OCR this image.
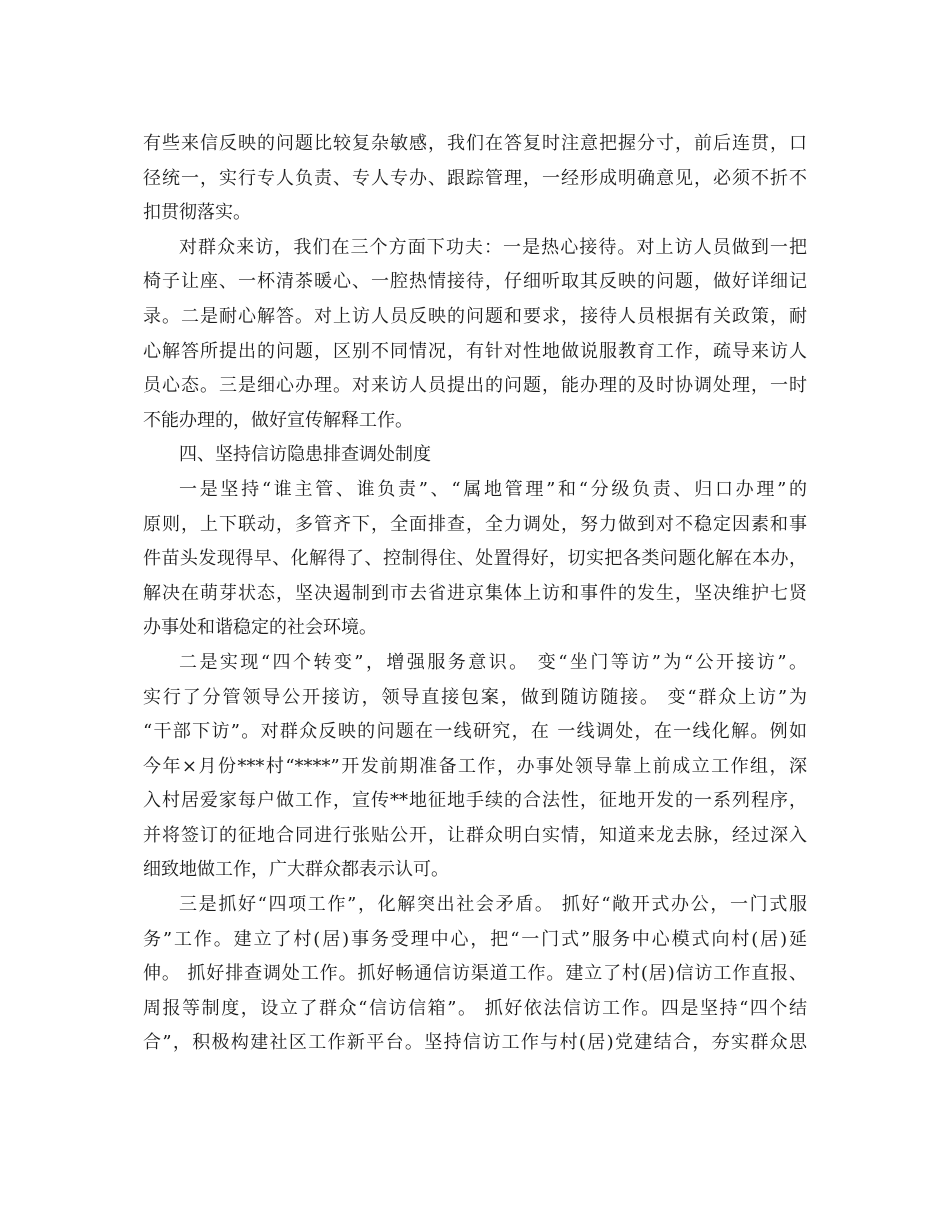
有些来信反映的问题比较复杂敏感，我们在答复时注意把握分寸，前后连贯，口
径统一，实行专人负责、专人专办、跟踪管理，一经形成明确意见，必须不折不
扣贯彻落实。
对群众来访，我们在三个方面下功夫：一是热心接待。对上访人员做到一把
椅子让座、一杯清茶暖心、一腔热情接待，仔细听取其反映的问题，做好详细记
录。二是耐心解答。对上访人员反映的问题和要求，接待人员根据有关政策，耐
心解答所提出的问题，区别不同情况，有针对性地做说服教育工作，疏导来访人
员心态。三是细心办理。对来访人员提出的问题，能办理的及时协调处理，一时
不能办理的，做好宣传解释工作。
四、坚持信访隐患排查调处制度
一是坚持“谁主管、谁负责”、“属地管理”和“分级负责、归口办理”的
原则，上下联动，多管齐下，全面排查，全力调处，努力做到对不稳定因素和事
件苗头发现得早、化解得了、控制得住、处置得好，切实把各类问题化解在本办，
解决在萌芽状态，坚决遏制到市去省进京集体上访和事件的发生，坚决维护七贤
办事处和谐稳定的社会环境。
二是实现“四个转变”，增强服务意识。 变“坐门等访”为“公开接访”。
实行了分管领导公开接访，领导直接包案，做到随访随接。 变“群众上访”为
“干部下访”。对群众反映的问题在一线研究，在 一线调处，在一线化解。例如
今年×月份***村“****”开发前期准备工作，办事处领导靠上前成立工作组，深
入村居爱家每户做工作，宣传**地征地手续的合法性，征地开发的一系列程序，
并将签订的征地合同进行张贴公开，让群众明白实情，知道来龙去脉，经过深入
细致地做工作，广大群众都表示认可。
三是抓好“四项工作”，化解突出社会矛盾。 抓好“敞开式办公，一门式服
务”工作。建立了村(居)事务受理中心，把“一门式”服务中心模式向村(居)延
伸。 抓好排查调处工作。抓好畅通信访渠道工作。建立了村(居)信访工作直报、
周报等制度，设立了群众“信访信箱”。 抓好依法信访工作。四是坚持“四个结
合”，积极构建社区工作新平台。坚持信访工作与村(居)党建结合，夯实群众思
